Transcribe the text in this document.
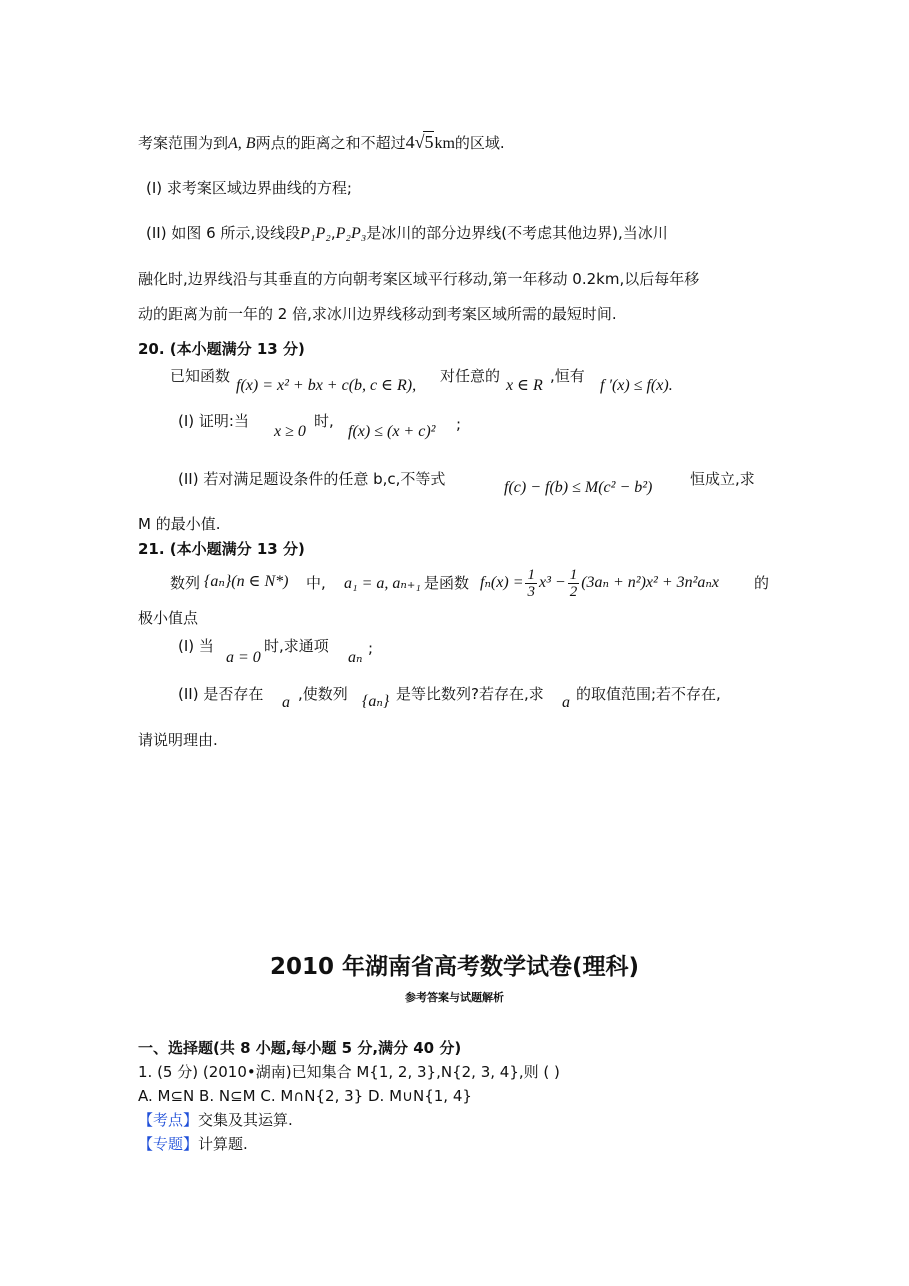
考案范围为到A, B两点的距离之和不超过4√5km的区域.
(I) 求考案区域边界曲线的方程;
(II) 如图 6 所示,设线段P₁P₂,P₂P₃是冰川的部分边界线(不考虑其他边界),当冰川
融化时,边界线沿与其垂直的方向朝考案区域平行移动,第一年移动 0.2km,以后每年移
动的距离为前一年的 2 倍,求冰川边界线移动到考案区域所需的最短时间.
20. (本小题满分 13 分)
已知函数
f(x) = x² + bx + c(b, c ∈ R),
对任意的
x ∈ R
,恒有
f ′(x) ≤ f(x).
(I) 证明:当
x ≥ 0
时,
f(x) ≤ (x + c)² ;
(II) 若对满足题设条件的任意 b,c,不等式	f(c) − f(b) ≤ M(c² − b²)	恒成立,求
M 的最小值.
21. (本小题满分 13 分)
数列 {aₙ}(n ∈ N*) 中, a₁ = a, aₙ₊₁ 是函数 $f_n(x) = \frac{1}{3} x^3 - \frac{1}{2} (3a_n + n^2)x^2 + 3n^2a_nx$ 的
极小值点
(I) 当
a = 0
时,求通项
aₙ
;
(II) 是否存在 a ,使数列 {aₙ} 是等比数列?若存在,求 a 的取值范围;若不存在,
请说明理由.
2010 年湖南省高考数学试卷(理科)
参考答案与试题解析
一、选择题(共 8 小题,每小题 5 分,满分 40 分)
1. (5 分) (2010•湖南)已知集合 M{1, 2, 3},N{2, 3, 4},则 ( )
A. M⊆N B. N⊆M C. M∩N{2, 3} D. M∪N{1, 4}
【考点】交集及其运算.
【专题】计算题.
